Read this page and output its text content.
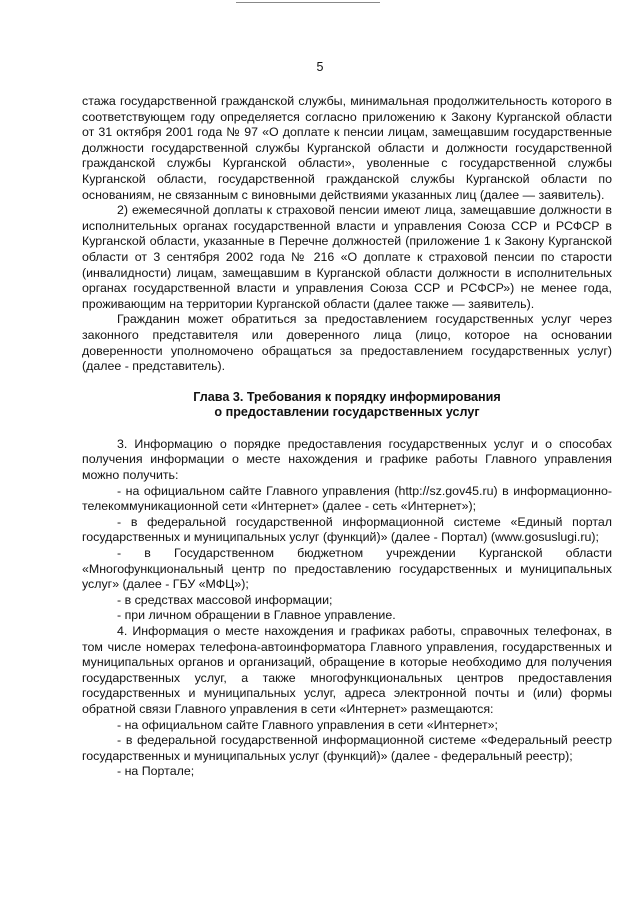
5

стажа государственной гражданской службы, минимальная продолжительность которого в соответствующем году определяется согласно приложению к Закону Курганской области от 31 октября 2001 года № 97 «О доплате к пенсии лицам, замещавшим государственные должности государственной службы Курганской области и должности государственной гражданской службы Курганской области», уволенные с государственной службы Курганской области, государственной гражданской службы Курганской области по основаниям, не связанным с виновными действиями указанных лиц (далее — заявитель).

2) ежемесячной доплаты к страховой пенсии имеют лица, замещавшие должности в исполнительных органах государственной власти и управления Союза ССР и РСФСР в Курганской области, указанные в Перечне должностей (приложение 1 к Закону Курганской области от 3 сентября 2002 года № 216 «О доплате к страховой пенсии по старости (инвалидности) лицам, замещавшим в Курганской области должности в исполнительных органах государственной власти и управления Союза ССР и РСФСР») не менее года, проживающим на территории Курганской области (далее также — заявитель).

Гражданин может обратиться за предоставлением государственных услуг через законного представителя или доверенного лица (лицо, которое на основании доверенности уполномочено обращаться за предоставлением государственных услуг) (далее - представитель).

Глава 3. Требования к порядку информирования
о предоставлении государственных услуг

3. Информацию о порядке предоставления государственных услуг и о способах получения информации о месте нахождения и графике работы Главного управления можно получить:

- на официальном сайте Главного управления (http://sz.gov45.ru) в информационно-телекоммуникационной сети «Интернет» (далее - сеть «Интернет»);

- в федеральной государственной информационной системе «Единый портал государственных и муниципальных услуг (функций)» (далее - Портал) (www.gosuslugi.ru);

- в Государственном бюджетном учреждении Курганской области «Многофункциональный центр по предоставлению государственных и муниципальных услуг» (далее - ГБУ «МФЦ»);

- в средствах массовой информации;

- при личном обращении в Главное управление.

4. Информация о месте нахождения и графиках работы, справочных телефонах, в том числе номерах телефона-автоинформатора Главного управления, государственных и муниципальных органов и организаций, обращение в которые необходимо для получения государственных услуг, а также многофункциональных центров предоставления государственных и муниципальных услуг, адреса электронной почты и (или) формы обратной связи Главного управления в сети «Интернет» размещаются:

- на официальном сайте Главного управления в сети «Интернет»;

- в федеральной государственной информационной системе «Федеральный реестр государственных и муниципальных услуг (функций)» (далее - федеральный реестр);

- на Портале;
